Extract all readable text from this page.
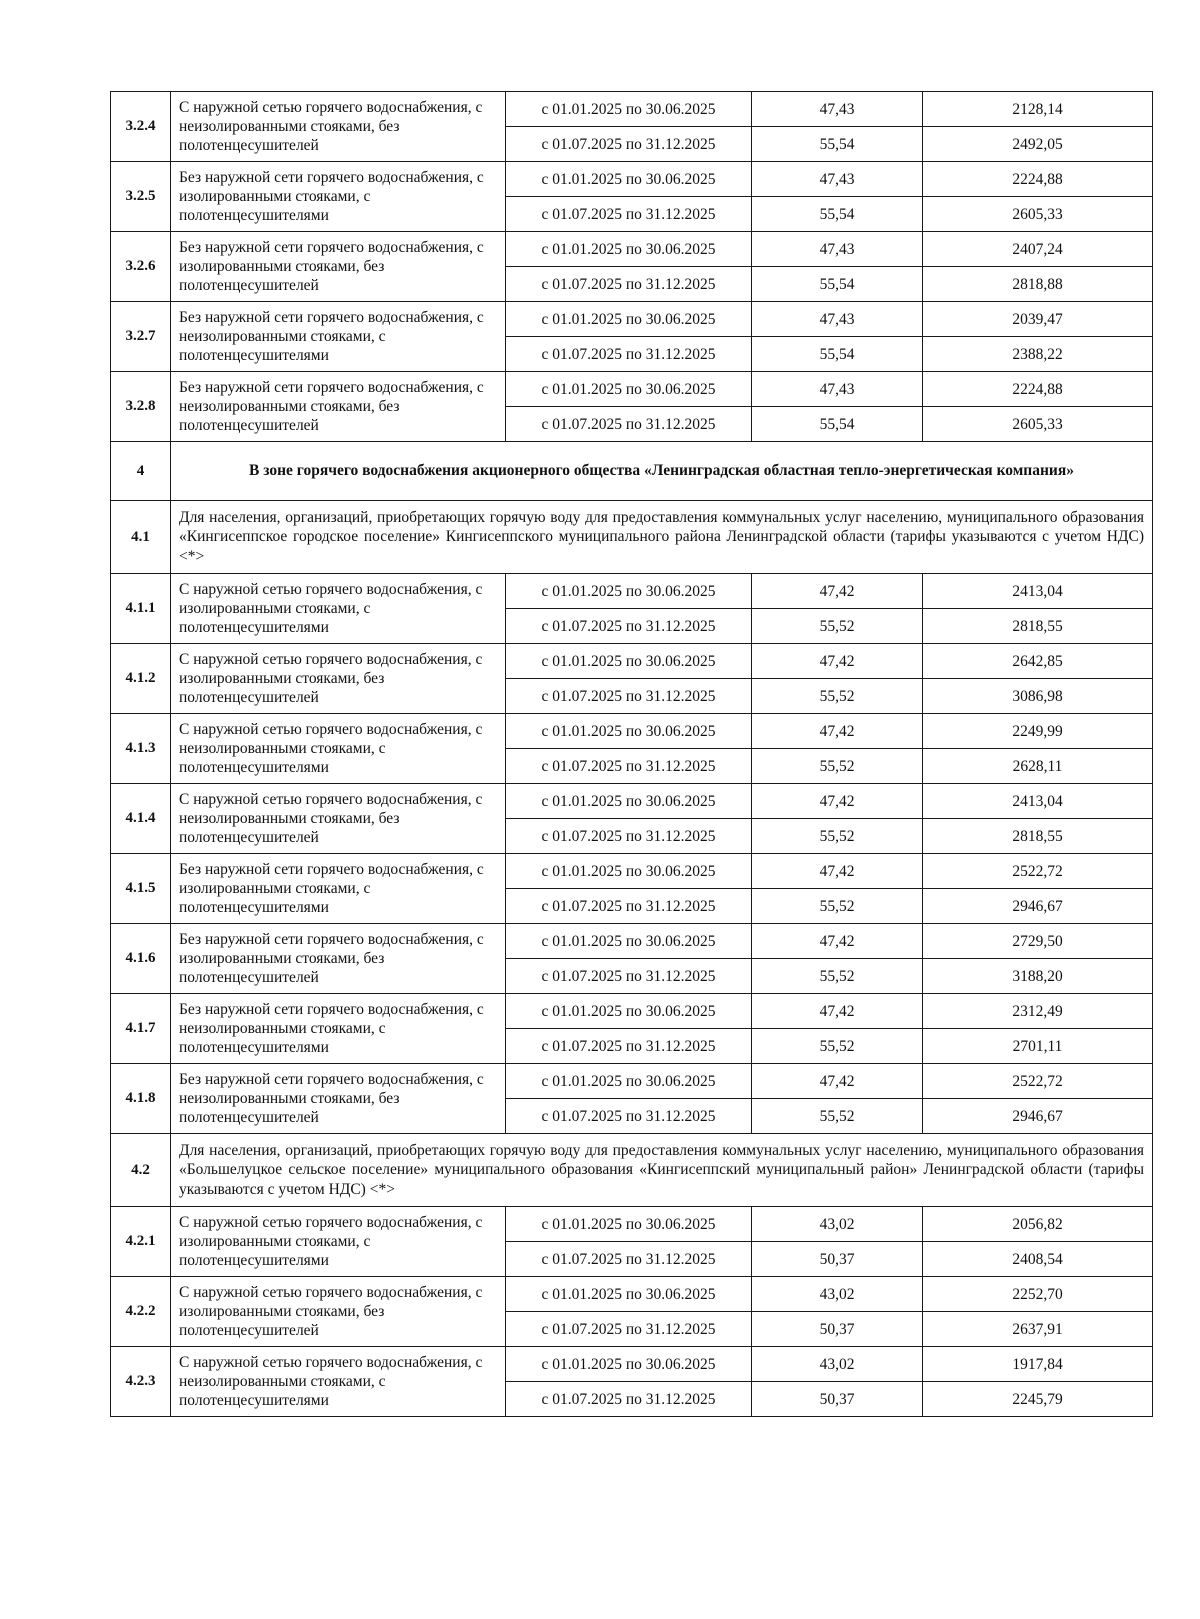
3.2.4	С наружной сетью горячего водоснабжения, с неизолированными стояками, без полотенцесушителей	с 01.01.2025 по 30.06.2025	47,43	2128,14
		с 01.07.2025 по 31.12.2025	55,54	2492,05
3.2.5	Без наружной сети горячего водоснабжения, с изолированными стояками, с полотенцесушителями	с 01.01.2025 по 30.06.2025	47,43	2224,88
		с 01.07.2025 по 31.12.2025	55,54	2605,33
3.2.6	Без наружной сети горячего водоснабжения, с изолированными стояками, без полотенцесушителей	с 01.01.2025 по 30.06.2025	47,43	2407,24
		с 01.07.2025 по 31.12.2025	55,54	2818,88
3.2.7	Без наружной сети горячего водоснабжения, с неизолированными стояками, с полотенцесушителями	с 01.01.2025 по 30.06.2025	47,43	2039,47
		с 01.07.2025 по 31.12.2025	55,54	2388,22
3.2.8	Без наружной сети горячего водоснабжения, с неизолированными стояками, без полотенцесушителей	с 01.01.2025 по 30.06.2025	47,43	2224,88
		с 01.07.2025 по 31.12.2025	55,54	2605,33
4	В зоне горячего водоснабжения акционерного общества «Ленинградская областная тепло-энергетическая компания»			
4.1	Для населения, организаций, приобретающих горячую воду для предоставления коммунальных услуг населению, муниципального образования «Кингисеппское городское поселение» Кингисеппского муниципального района Ленинградской области (тарифы указываются с учетом НДС) <*>			
4.1.1	С наружной сетью горячего водоснабжения, с изолированными стояками, с полотенцесушителями	с 01.01.2025 по 30.06.2025	47,42	2413,04
		с 01.07.2025 по 31.12.2025	55,52	2818,55
4.1.2	С наружной сетью горячего водоснабжения, с изолированными стояками, без полотенцесушителей	с 01.01.2025 по 30.06.2025	47,42	2642,85
		с 01.07.2025 по 31.12.2025	55,52	3086,98
4.1.3	С наружной сетью горячего водоснабжения, с неизолированными стояками, с полотенцесушителями	с 01.01.2025 по 30.06.2025	47,42	2249,99
		с 01.07.2025 по 31.12.2025	55,52	2628,11
4.1.4	С наружной сетью горячего водоснабжения, с неизолированными стояками, без полотенцесушителей	с 01.01.2025 по 30.06.2025	47,42	2413,04
		с 01.07.2025 по 31.12.2025	55,52	2818,55
4.1.5	Без наружной сети горячего водоснабжения, с изолированными стояками, с полотенцесушителями	с 01.01.2025 по 30.06.2025	47,42	2522,72
		с 01.07.2025 по 31.12.2025	55,52	2946,67
4.1.6	Без наружной сети горячего водоснабжения, с изолированными стояками, без полотенцесушителей	с 01.01.2025 по 30.06.2025	47,42	2729,50
		с 01.07.2025 по 31.12.2025	55,52	3188,20
4.1.7	Без наружной сети горячего водоснабжения, с неизолированными стояками, с полотенцесушителями	с 01.01.2025 по 30.06.2025	47,42	2312,49
		с 01.07.2025 по 31.12.2025	55,52	2701,11
4.1.8	Без наружной сети горячего водоснабжения, с неизолированными стояками, без полотенцесушителей	с 01.01.2025 по 30.06.2025	47,42	2522,72
		с 01.07.2025 по 31.12.2025	55,52	2946,67
4.2	Для населения, организаций, приобретающих горячую воду для предоставления коммунальных услуг населению, муниципального образования «Большелуцкое сельское поселение» муниципального образования «Кингисеппский муниципальный район» Ленинградской области (тарифы указываются с учетом НДС) <*>			
4.2.1	С наружной сетью горячего водоснабжения, с изолированными стояками, с полотенцесушителями	с 01.01.2025 по 30.06.2025	43,02	2056,82
		с 01.07.2025 по 31.12.2025	50,37	2408,54
4.2.2	С наружной сетью горячего водоснабжения, с изолированными стояками, без полотенцесушителей	с 01.01.2025 по 30.06.2025	43,02	2252,70
		с 01.07.2025 по 31.12.2025	50,37	2637,91
4.2.3	С наружной сетью горячего водоснабжения, с неизолированными стояками, с полотенцесушителями	с 01.01.2025 по 30.06.2025	43,02	1917,84
		с 01.07.2025 по 31.12.2025	50,37	2245,79
